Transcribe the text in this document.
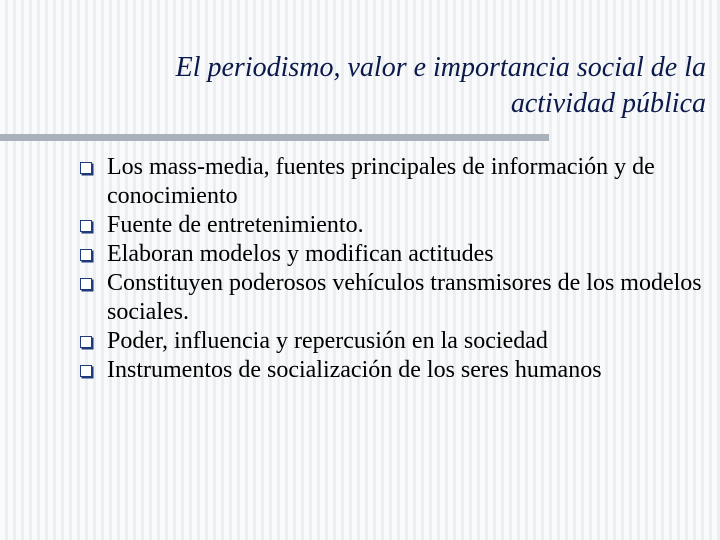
El periodismo, valor e importancia social de la
actividad pública
Los mass-media, fuentes principales de información y de conocimiento
Fuente de entretenimiento.
Elaboran modelos y modifican actitudes
Constituyen poderosos vehículos transmisores de los modelos sociales.
Poder, influencia y repercusión en la sociedad
Instrumentos de socialización de los seres humanos
